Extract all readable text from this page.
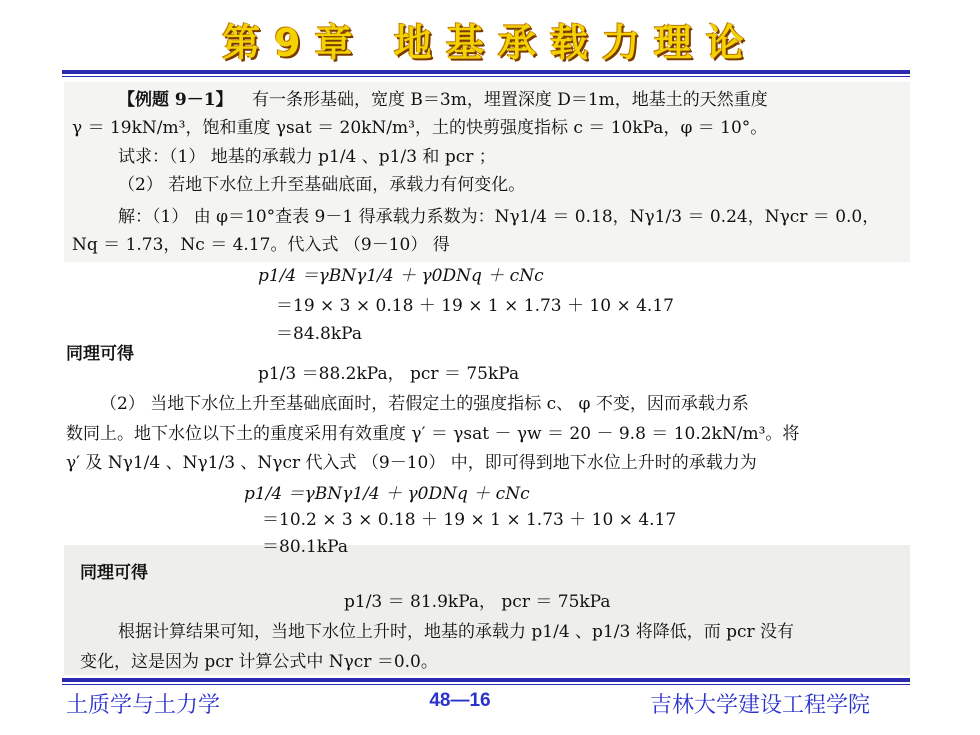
第9章 地基承载力理论
【例题 9－1】 有一条形基础，宽度 B＝3m，埋置深度 D＝1m，地基土的天然重度
γ ＝ 19kN/m³，饱和重度 γsat ＝ 20kN/m³，土的快剪强度指标 c ＝ 10kPa，φ ＝ 10°。
试求：（1） 地基的承载力 p1/4 、p1/3 和 pcr ；
（2） 若地下水位上升至基础底面，承载力有何变化。
解：（1） 由 φ＝10°查表 9－1 得承载力系数为：Nγ1/4 ＝ 0.18，Nγ1/3 ＝ 0.24，Nγcr ＝ 0.0，
Nq ＝ 1.73，Nc ＝ 4.17。代入式 （9－10） 得
p1/4 ＝γBNγ1/4 ＋ γ0DNq ＋ cNc
＝19 × 3 × 0.18 ＋ 19 × 1 × 1.73 ＋ 10 × 4.17
＝84.8kPa
同理可得
p1/3 ＝88.2kPa， pcr ＝ 75kPa
（2） 当地下水位上升至基础底面时，若假定土的强度指标 c、 φ 不变，因而承载力系
数同上。地下水位以下土的重度采用有效重度 γ′ ＝ γsat － γw ＝ 20 － 9.8 ＝ 10.2kN/m³。将
γ′ 及 Nγ1/4 、Nγ1/3 、Nγcr 代入式 （9－10） 中，即可得到地下水位上升时的承载力为
p1/4 ＝γBNγ1/4 ＋ γ0DNq ＋ cNc
＝10.2 × 3 × 0.18 ＋ 19 × 1 × 1.73 ＋ 10 × 4.17
＝80.1kPa
同理可得
p1/3 ＝ 81.9kPa， pcr ＝ 75kPa
根据计算结果可知，当地下水位上升时，地基的承载力 p1/4 、p1/3 将降低，而 pcr 没有
变化，这是因为 pcr 计算公式中 Nγcr ＝0.0。
土质学与土力学	48—16	吉林大学建设工程学院
